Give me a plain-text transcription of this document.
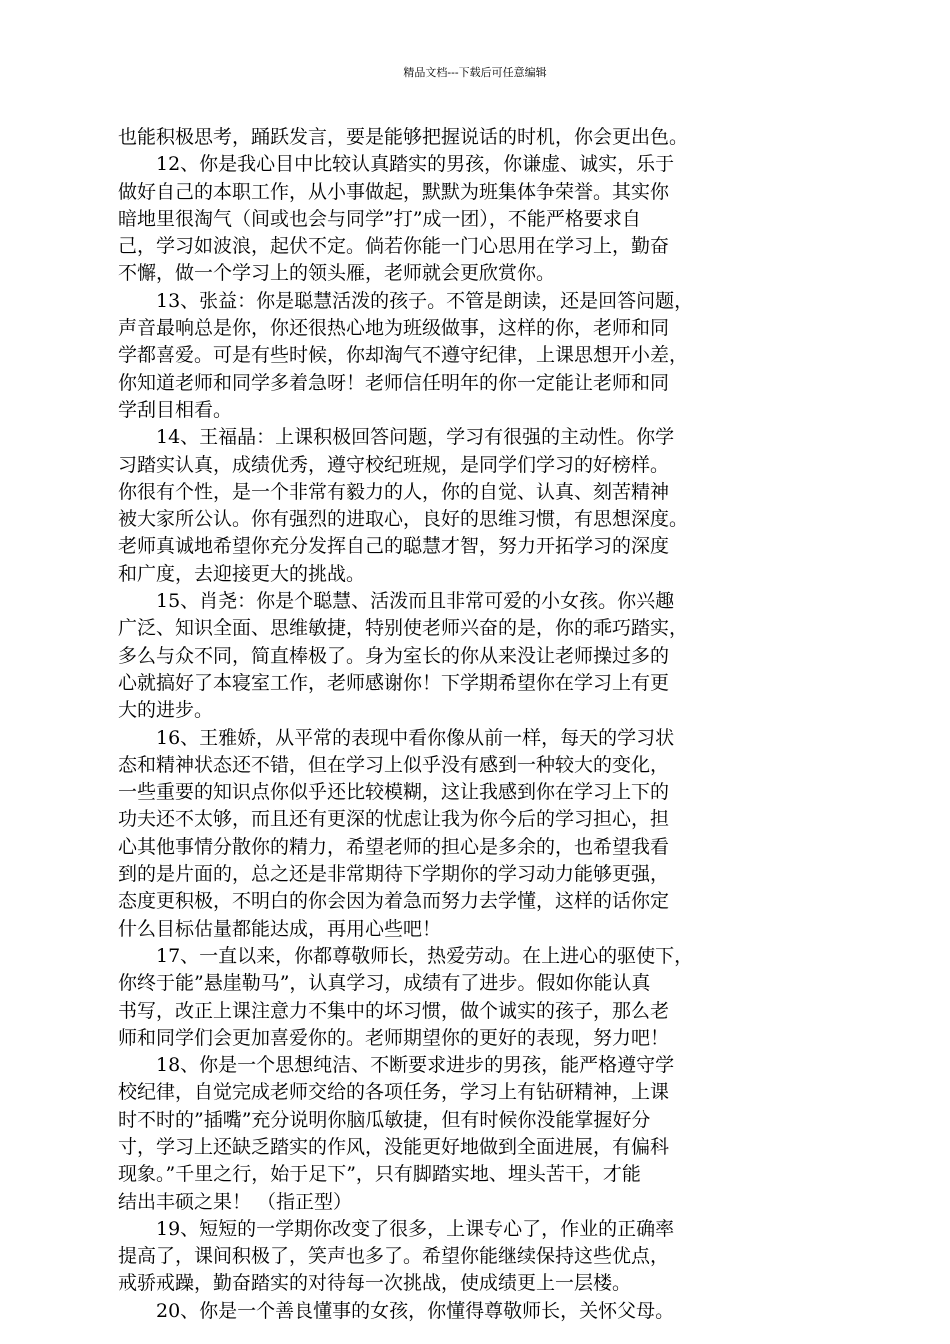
精品文档---下载后可任意编辑
也能积极思考，踊跃发言，要是能够把握说话的时机，你会更出色。
12、你是我心目中比较认真踏实的男孩，你谦虚、诚实，乐于
做好自己的本职工作，从小事做起，默默为班集体争荣誉。其实你
暗地里很淘气（间或也会与同学”打”成一团），不能严格要求自
己，学习如波浪，起伏不定。倘若你能一门心思用在学习上，勤奋
不懈，做一个学习上的领头雁，老师就会更欣赏你。
13、张益：你是聪慧活泼的孩子。不管是朗读，还是回答问题，
声音最响总是你，你还很热心地为班级做事，这样的你，老师和同
学都喜爱。可是有些时候，你却淘气不遵守纪律，上课思想开小差，
你知道老师和同学多着急呀！老师信任明年的你一定能让老师和同
学刮目相看。
14、王福晶：上课积极回答问题，学习有很强的主动性。你学
习踏实认真，成绩优秀，遵守校纪班规，是同学们学习的好榜样。
你很有个性，是一个非常有毅力的人，你的自觉、认真、刻苦精神
被大家所公认。你有强烈的进取心，良好的思维习惯，有思想深度。
老师真诚地希望你充分发挥自己的聪慧才智，努力开拓学习的深度
和广度，去迎接更大的挑战。
15、肖尧：你是个聪慧、活泼而且非常可爱的小女孩。你兴趣
广泛、知识全面、思维敏捷，特别使老师兴奋的是，你的乖巧踏实，
多么与众不同，简直棒极了。身为室长的你从来没让老师操过多的
心就搞好了本寝室工作，老师感谢你！下学期希望你在学习上有更
大的进步。
16、王雅娇，从平常的表现中看你像从前一样，每天的学习状
态和精神状态还不错，但在学习上似乎没有感到一种较大的变化，
一些重要的知识点你似乎还比较模糊，这让我感到你在学习上下的
功夫还不太够，而且还有更深的忧虑让我为你今后的学习担心，担
心其他事情分散你的精力，希望老师的担心是多余的，也希望我看
到的是片面的，总之还是非常期待下学期你的学习动力能够更强，
态度更积极，不明白的你会因为着急而努力去学懂，这样的话你定
什么目标估量都能达成，再用心些吧！
17、一直以来，你都尊敬师长，热爱劳动。在上进心的驱使下，
你终于能”悬崖勒马”，认真学习，成绩有了进步。假如你能认真
书写，改正上课注意力不集中的坏习惯，做个诚实的孩子，那么老
师和同学们会更加喜爱你的。老师期望你的更好的表现，努力吧！
18、你是一个思想纯洁、不断要求进步的男孩，能严格遵守学
校纪律，自觉完成老师交给的各项任务，学习上有钻研精神，上课
时不时的”插嘴”充分说明你脑瓜敏捷，但有时候你没能掌握好分
寸，学习上还缺乏踏实的作风，没能更好地做到全面进展，有偏科
现象。”千里之行，始于足下”，只有脚踏实地、埋头苦干，才能
结出丰硕之果！ （指正型）
19、短短的一学期你改变了很多，上课专心了，作业的正确率
提高了，课间积极了，笑声也多了。希望你能继续保持这些优点，
戒骄戒躁，勤奋踏实的对待每一次挑战，使成绩更上一层楼。
20、你是一个善良懂事的女孩，你懂得尊敬师长，关怀父母。
